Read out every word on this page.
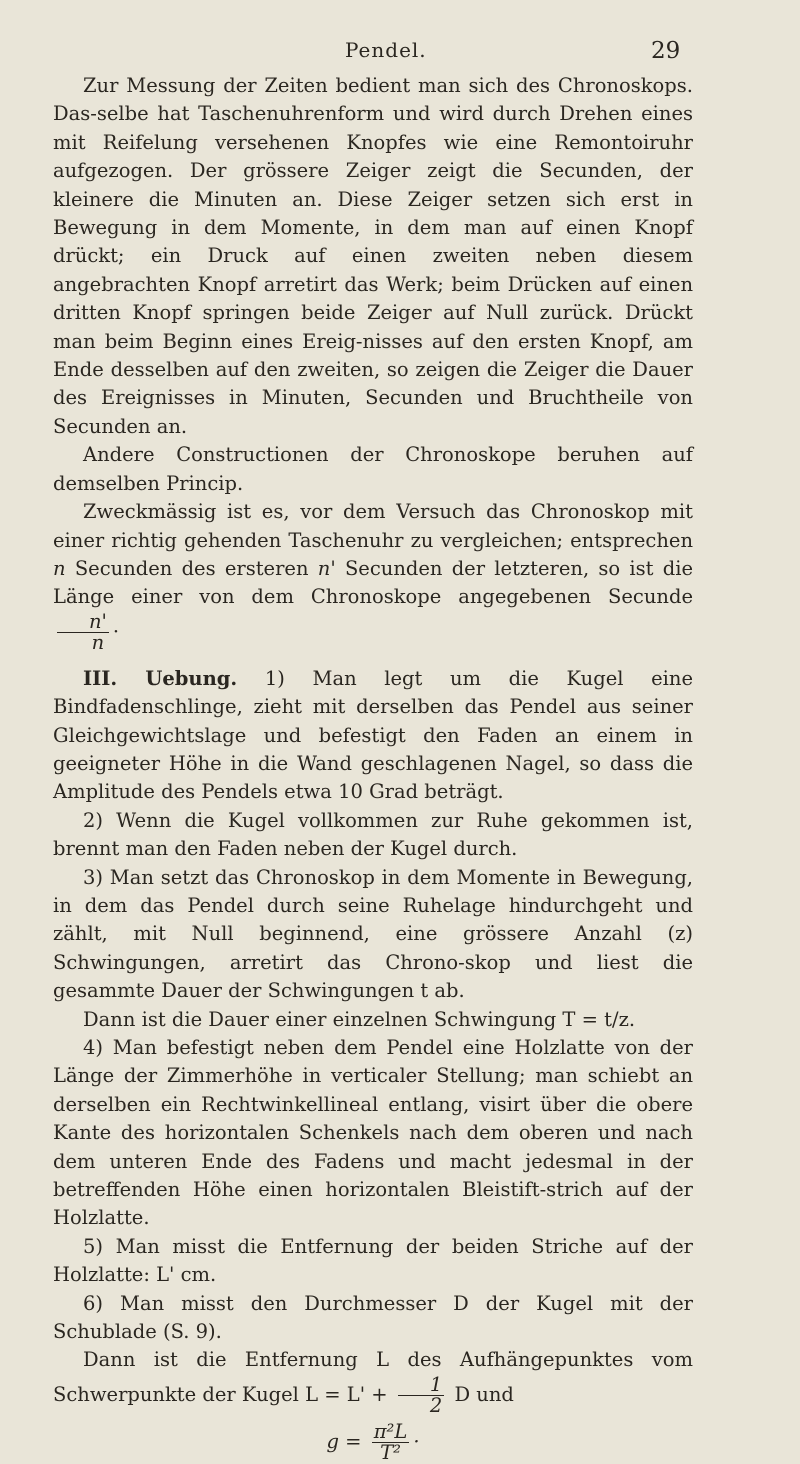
Pendel.	29

Zur Messung der Zeiten bedient man sich des Chronoskops. Das-selbe hat Taschenuhrenform und wird durch Drehen eines mit Reifelung versehenen Knopfes wie eine Remontoiruhr aufgezogen. Der grössere Zeiger zeigt die Secunden, der kleinere die Minuten an. Diese Zeiger setzen sich erst in Bewegung in dem Momente, in dem man auf einen Knopf drückt; ein Druck auf einen zweiten neben diesem angebrachten Knopf arretirt das Werk; beim Drücken auf einen dritten Knopf springen beide Zeiger auf Null zurück. Drückt man beim Beginn eines Ereig-nisses auf den ersten Knopf, am Ende desselben auf den zweiten, so zeigen die Zeiger die Dauer des Ereignisses in Minuten, Secunden und Bruchtheile von Secunden an.

Andere Constructionen der Chronoskope beruhen auf demselben Princip.

Zweckmässig ist es, vor dem Versuch das Chronoskop mit einer richtig gehenden Taschenuhr zu vergleichen; entsprechen n Secunden des ersteren n' Secunden der letzteren, so ist die Länge einer von dem Chronoskope angegebenen Secunde
$\frac{n'}{n}$ ·

III. Uebung. 1) Man legt um die Kugel eine Bindfadenschlinge, zieht mit derselben das Pendel aus seiner Gleichgewichtslage und befestigt den Faden an einem in geeigneter Höhe in die Wand geschlagenen Nagel, so dass die Amplitude des Pendels etwa 10 Grad beträgt.

2) Wenn die Kugel vollkommen zur Ruhe gekommen ist, brennt man den Faden neben der Kugel durch.

3) Man setzt das Chronoskop in dem Momente in Bewegung, in dem das Pendel durch seine Ruhelage hindurchgeht und zählt, mit Null beginnend, eine grössere Anzahl (z) Schwingungen, arretirt das Chrono-skop und liest die gesammte Dauer der Schwingungen t ab.

Dann ist die Dauer einer einzelnen Schwingung T = t/z.

4) Man befestigt neben dem Pendel eine Holzlatte von der Länge der Zimmerhöhe in verticaler Stellung; man schiebt an derselben ein Rechtwinkellineal entlang, visirt über die obere Kante des horizontalen Schenkels nach dem oberen und nach dem unteren Ende des Fadens und macht jedesmal in der betreffenden Höhe einen horizontalen Bleistift-strich auf der Holzlatte.

5) Man misst die Entfernung der beiden Striche auf der Holzlatte: L' cm.

6) Man misst den Durchmesser D der Kugel mit der Schublade (S. 9).

Dann ist die Entfernung L des Aufhängepunktes vom Schwerpunkte der Kugel $L = L' + \frac{1}{2}$ D und

$g = \frac{\text{π²L}}{\text{T²}}$ ·
